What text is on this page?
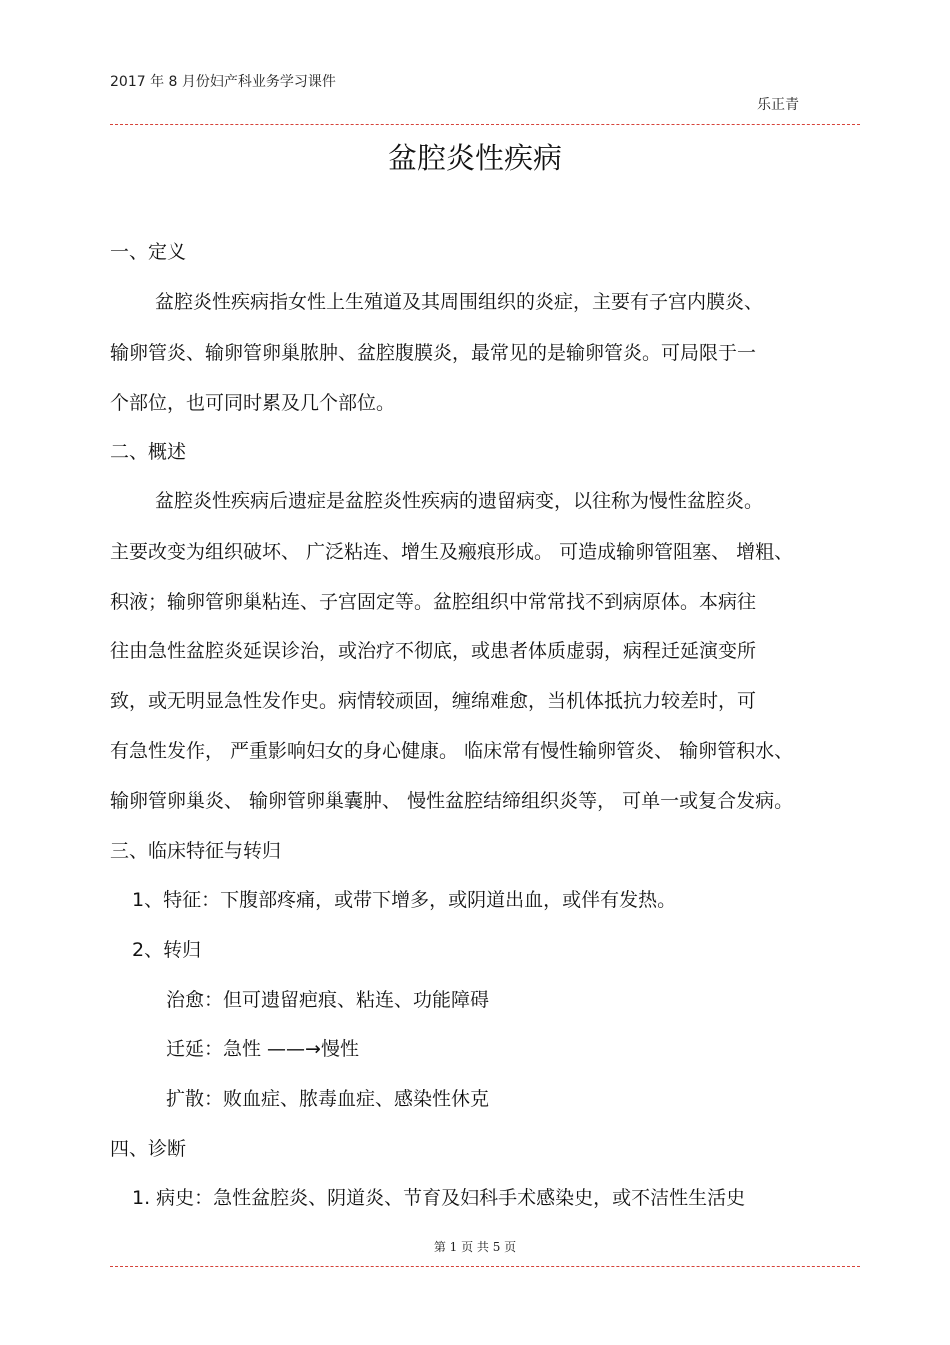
2017 年 8 月份妇产科业务学习课件
乐正青
盆腔炎性疾病
一、定义
盆腔炎性疾病指女性上生殖道及其周围组织的炎症，主要有子宫内膜炎、
输卵管炎、输卵管卵巢脓肿、盆腔腹膜炎，最常见的是输卵管炎。可局限于一
个部位，也可同时累及几个部位。
二、概述
盆腔炎性疾病后遗症是盆腔炎性疾病的遗留病变，以往称为慢性盆腔炎。
主要改变为组织破坏、 广泛粘连、增生及瘢痕形成。 可造成输卵管阻塞、 增粗、
积液；输卵管卵巢粘连、子宫固定等。盆腔组织中常常找不到病原体。本病往
往由急性盆腔炎延误诊治，或治疗不彻底，或患者体质虚弱，病程迁延演变所
致，或无明显急性发作史。病情较顽固，缠绵难愈，当机体抵抗力较差时，可
有急性发作， 严重影响妇女的身心健康。 临床常有慢性输卵管炎、 输卵管积水、
输卵管卵巢炎、 输卵管卵巢囊肿、 慢性盆腔结缔组织炎等， 可单一或复合发病。
三、临床特征与转归
1、特征：下腹部疼痛，或带下增多，或阴道出血，或伴有发热。
2、转归
治愈：但可遗留疤痕、粘连、功能障碍
迁延：急性 ——→慢性
扩散：败血症、脓毒血症、感染性休克
四、诊断
1. 病史：急性盆腔炎、阴道炎、节育及妇科手术感染史，或不洁性生活史
第 1 页 共 5 页
